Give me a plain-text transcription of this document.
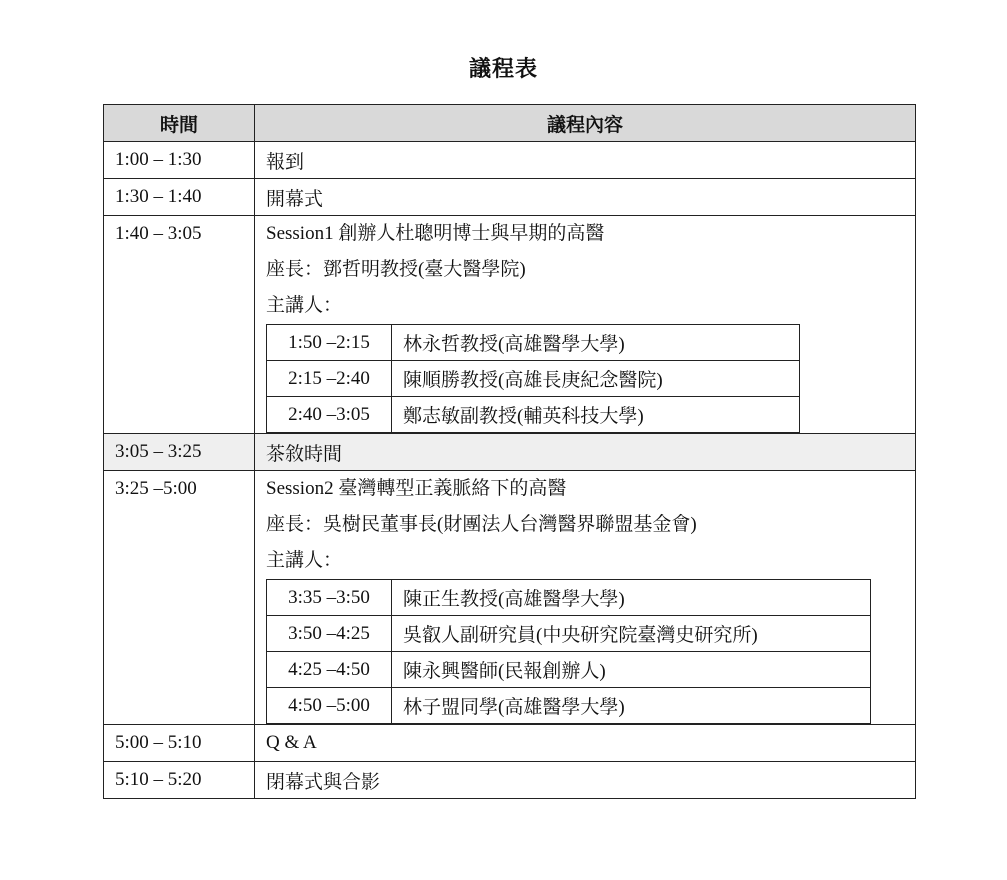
議程表
時間	議程內容
1:00 – 1:30	報到
1:30 – 1:40	開幕式

1:40 – 3:05	Session1 創辦人杜聰明博士與早期的高醫
座長：鄧哲明教授(臺大醫學院)
主講人：
1:50 –2:15	林永哲教授(高雄醫學大學)
2:15 –2:40	陳順勝教授(高雄長庚紀念醫院)
2:40 –3:05	鄭志敏副教授(輔英科技大學)

3:05 – 3:25	茶敘時間

3:25 –5:00	Session2 臺灣轉型正義脈絡下的高醫
座長：吳樹民董事長(財團法人台灣醫界聯盟基金會)
主講人：
3:35 –3:50	陳正生教授(高雄醫學大學)
3:50 –4:25	吳叡人副研究員(中央研究院臺灣史研究所)
4:25 –4:50	陳永興醫師(民報創辦人)
4:50 –5:00	林子盟同學(高雄醫學大學)

5:00 – 5:10	Q & A
5:10 – 5:20	閉幕式與合影
